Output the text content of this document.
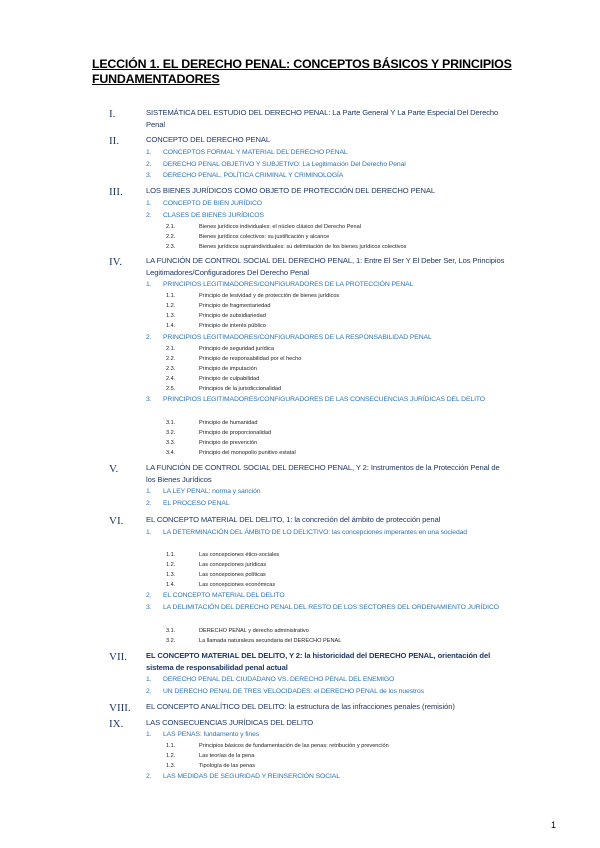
LECCIÓN 1. EL DERECHO PENAL: CONCEPTOS BÁSICOS Y PRINCIPIOS FUNDAMENTADORES
I.	SISTEMÁTICA DEL ESTUDIO DEL DERECHO PENAL: La Parte General Y La Parte Especial Del Derecho Penal
II.	CONCEPTO DEL DERECHO PENAL
1. CONCEPTOS FORMAL Y MATERIAL DEL DERECHO PENAL
2. DERECHO PENAL OBJETIVO Y SUBJETIVO: La Legitimación Del Derecho Penal
3. DERECHO PENAL, POLÍTICA CRIMINAL Y CRIMINOLOGÍA
III.	LOS BIENES JURÍDICOS COMO OBJETO DE PROTECCIÓN DEL DERECHO PENAL
1. CONCEPTO DE BIEN JURÍDICO
2. CLASES DE BIENES JURÍDICOS
2.1.	Bienes jurídicos individuales: el núcleo clásico del Derecho Penal
2.2.	Bienes jurídicos colectivos: su justificación y alcance
2.3.	Bienes jurídicos supraindividuales: su delimitación de los bienes jurídicos colectivos
IV.	LA FUNCIÓN DE CONTROL SOCIAL DEL DERECHO PENAL, 1: Entre El Ser Y El Deber Ser, Los Principios Legitimadores/Configuradores Del Derecho Penal
1. PRINCIPIOS LEGITIMADORES/CONFIGURADORES DE LA PROTECCIÓN PENAL
1.1.	Principio de lesividad y de protección de bienes jurídicos
1.2.	Principio de fragmentariedad
1.3.	Principio de subsidiariedad
1.4.	Principio de interés público
2. PRINCIPIOS LEGITIMADORES/CONFIGURADORES DE LA RESPONSABILIDAD PENAL
2.1.	Principio de seguridad jurídica
2.2.	Principio de responsabilidad por el hecho
2.3.	Principio de imputación
2.4.	Principio de culpabilidad
2.5.	Principios de la jurisdiccionalidad
3. PRINCIPIOS LEGITIMADORES/CONFIGURADORES DE LAS CONSECUENCIAS JURÍDICAS DEL DELITO
3.1.	Principio de humanidad
3.2.	Principio de proporcionalidad
3.3.	Principio de prevención
3.4.	Principio del monopolio punitivo estatal
V.	LA FUNCIÓN DE CONTROL SOCIAL DEL DERECHO PENAL, Y 2: Instrumentos de la Protección Penal de los Bienes Jurídicos
1. LA LEY PENAL: norma y sanción
2. EL PROCESO PENAL
VI.	EL CONCEPTO MATERIAL DEL DELITO, 1: la concreción del ámbito de protección penal
1. LA DETERMINACIÓN DEL ÁMBITO DE LO DELICTIVO: las concepciones imperantes en una sociedad
1.1.	Las concepciones ético-sociales
1.2.	Las concepciones jurídicas
1.3.	Las concepciones políticas
1.4.	Las concepciones económicas
2. EL CONCEPTO MATERIAL DEL DELITO
3. LA DELIMITACIÓN DEL DERECHO PENAL DEL RESTO DE LOS SECTORES DEL ORDENAMIENTO JURÍDICO
3.1.	DERECHO PENAL y derecho administrativo
3.2.	La llamada naturaleza secundaria del DERECHO PENAL
VII. EL CONCEPTO MATERIAL DEL DELITO, Y 2: la historicidad del DERECHO PENAL, orientación del sistema de responsabilidad penal actual
1. DERECHO PENAL DEL CIUDADANO VS. DERECHO PENAL DEL ENEMIGO
2. UN DERECHO PENAL DE TRES VELOCIDADES: el DERECHO PENAL de los nuestros
VIII. EL CONCEPTO ANALÍTICO DEL DELITO: la estructura de las infracciones penales (remisión)
IX.	LAS CONSECUENCIAS JURÍDICAS DEL DELITO
1. LAS PENAS: fundamento y fines
1.1.	Principios básicos de fundamentación de las penas: retribución y prevención
1.2.	Las teorías de la pena
1.3.	Tipología de las penas
2. LAS MEDIDAS DE SEGURIDAD Y REINSERCIÓN SOCIAL
1
